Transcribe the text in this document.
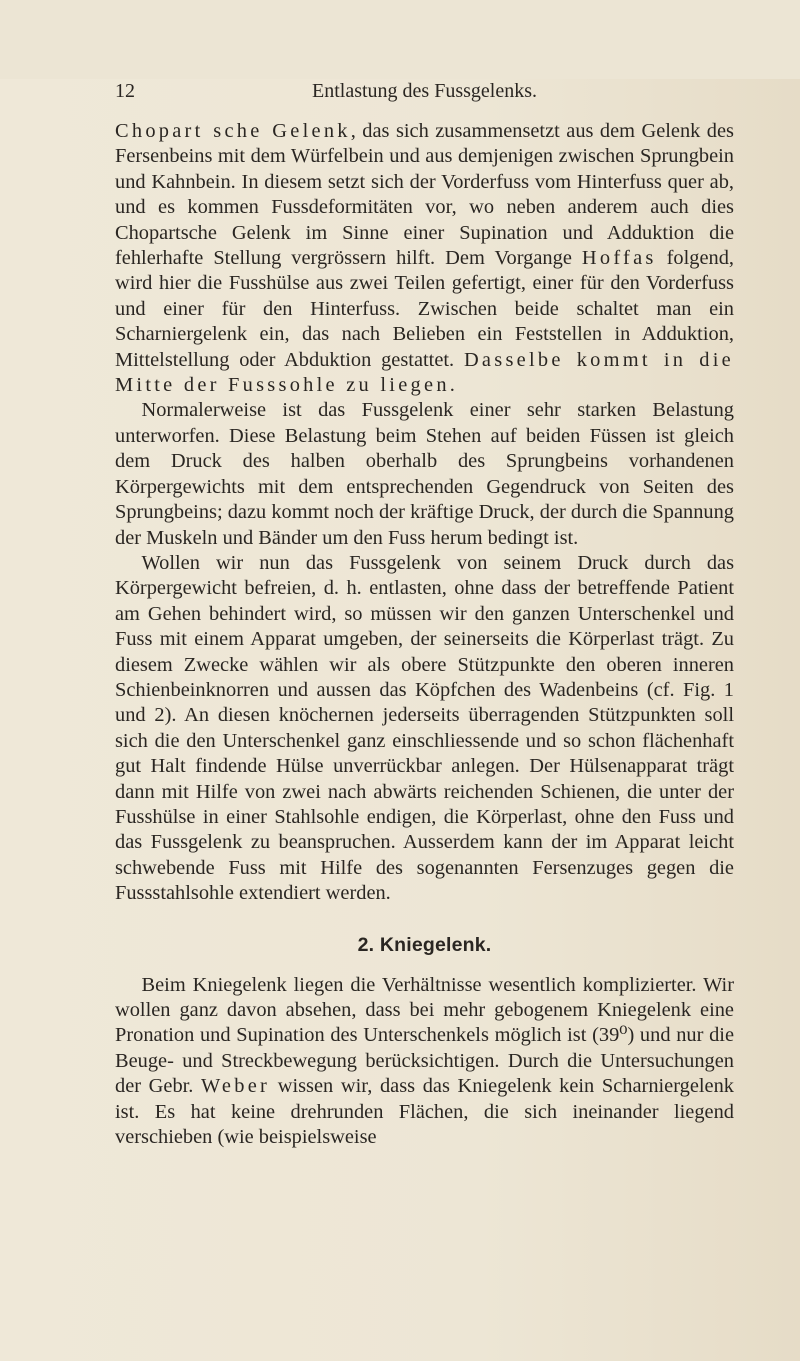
12	Entlastung des Fussgelenks.

Chopart sche Gelenk, das sich zusammensetzt aus dem Gelenk des Fersenbeins mit dem Würfelbein und aus demjenigen zwischen Sprungbein und Kahnbein. In diesem setzt sich der Vorderfuss vom Hinterfuss quer ab, und es kommen Fussdeformitäten vor, wo neben anderem auch dies Chopartsche Gelenk im Sinne einer Supination und Adduktion die fehlerhafte Stellung vergrössern hilft. Dem Vorgange Hoffas folgend, wird hier die Fusshülse aus zwei Teilen gefertigt, einer für den Vorderfuss und einer für den Hinterfuss. Zwischen beide schaltet man ein Scharniergelenk ein, das nach Belieben ein Feststellen in Adduktion, Mittelstellung oder Abduktion gestattet. Dasselbe kommt in die Mitte der Fusssohle zu liegen.

Normalerweise ist das Fussgelenk einer sehr starken Belastung unterworfen. Diese Belastung beim Stehen auf beiden Füssen ist gleich dem Druck des halben oberhalb des Sprungbeins vorhandenen Körpergewichts mit dem entsprechenden Gegendruck von Seiten des Sprungbeins; dazu kommt noch der kräftige Druck, der durch die Spannung der Muskeln und Bänder um den Fuss herum bedingt ist.

Wollen wir nun das Fussgelenk von seinem Druck durch das Körpergewicht befreien, d. h. entlasten, ohne dass der betreffende Patient am Gehen behindert wird, so müssen wir den ganzen Unterschenkel und Fuss mit einem Apparat umgeben, der seinerseits die Körperlast trägt. Zu diesem Zwecke wählen wir als obere Stützpunkte den oberen inneren Schienbeinknorren und aussen das Köpfchen des Wadenbeins (cf. Fig. 1 und 2). An diesen knöchernen jederseits überragenden Stützpunkten soll sich die den Unterschenkel ganz einschliessende und so schon flächenhaft gut Halt findende Hülse unverrückbar anlegen. Der Hülsenapparat trägt dann mit Hilfe von zwei nach abwärts reichenden Schienen, die unter der Fusshülse in einer Stahlsohle endigen, die Körperlast, ohne den Fuss und das Fussgelenk zu beanspruchen. Ausserdem kann der im Apparat leicht schwebende Fuss mit Hilfe des sogenannten Fersenzuges gegen die Fussstahlsohle extendiert werden.

2. Kniegelenk.

Beim Kniegelenk liegen die Verhältnisse wesentlich komplizierter. Wir wollen ganz davon absehen, dass bei mehr gebogenem Kniegelenk eine Pronation und Supination des Unterschenkels möglich ist (39⁰) und nur die Beuge- und Streckbewegung berücksichtigen. Durch die Untersuchungen der Gebr. Weber wissen wir, dass das Kniegelenk kein Scharniergelenk ist. Es hat keine drehrunden Flächen, die sich ineinander liegend verschieben (wie beispielsweise
